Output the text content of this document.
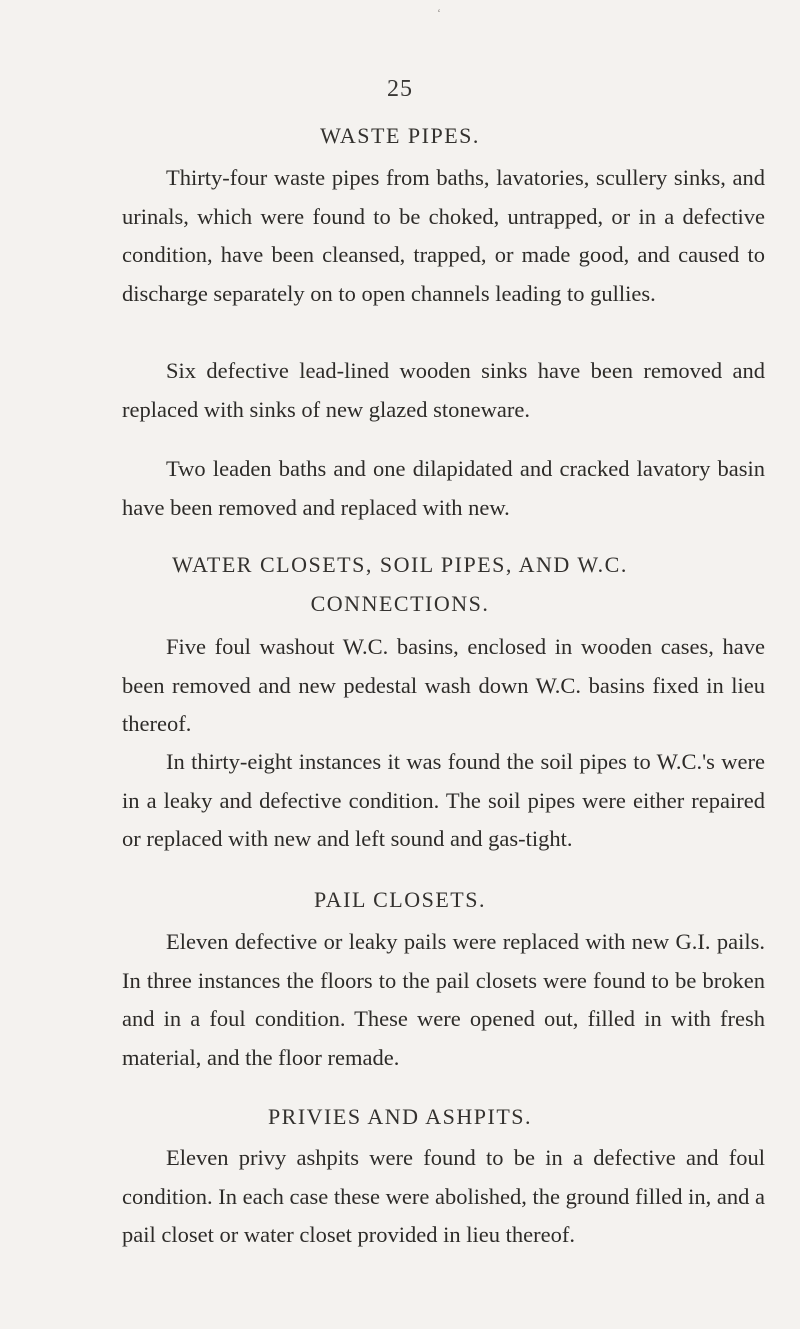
‘
25
WASTE PIPES.

Thirty-four waste pipes from baths, lavatories, scullery sinks, and urinals, which were found to be choked, untrapped, or in a defective condition, have been cleansed, trapped, or made good, and caused to discharge separately on to open channels leading to gullies.

Six defective lead-lined wooden sinks have been removed and replaced with sinks of new glazed stoneware.

Two leaden baths and one dilapidated and cracked lavatory basin have been removed and replaced with new.

WATER CLOSETS, SOIL PIPES, AND W.C.
CONNECTIONS.

Five foul washout W.C. basins, enclosed in wooden cases, have been removed and new pedestal wash down W.C. basins fixed in lieu thereof.

In thirty-eight instances it was found the soil pipes to W.C.'s were in a leaky and defective condition. The soil pipes were either repaired or replaced with new and left sound and gas-tight.

PAIL CLOSETS.

Eleven defective or leaky pails were replaced with new G.I. pails. In three instances the floors to the pail closets were found to be broken and in a foul condition. These were opened out, filled in with fresh material, and the floor remade.

PRIVIES AND ASHPITS.

Eleven privy ashpits were found to be in a defective and foul condition. In each case these were abolished, the ground filled in, and a pail closet or water closet provided in lieu thereof.
